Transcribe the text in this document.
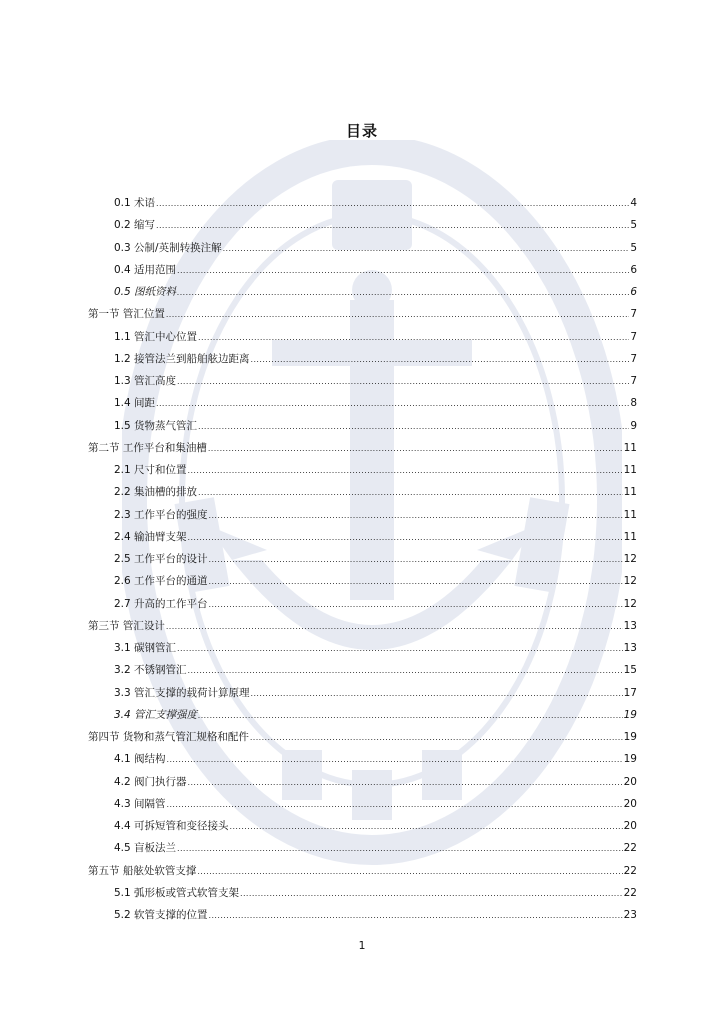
目录
0.1 术语 .....	4
0.2 缩写 .....	5
0.3 公制/英制转换注解 .....	5
0.4 适用范围 .....	6
0.5 图纸资料 .....	6
第一节 管汇位置 .....	7
1.1 管汇中心位置 .....	7
1.2 接管法兰到船舶舷边距离 .....	7
1.3 管汇高度 .....	7
1.4 间距 .....	8
1.5 货物蒸气管汇 .....	9
第二节 工作平台和集油槽 .....	11
2.1 尺寸和位置 .....	11
2.2 集油槽的排放 .....	11
2.3 工作平台的强度 .....	11
2.4 输油臂支架 .....	11
2.5 工作平台的设计 .....	12
2.6 工作平台的通道 .....	12
2.7 升高的工作平台 .....	12
第三节 管汇设计 .....	13
3.1 碳钢管汇 .....	13
3.2 不锈钢管汇 .....	15
3.3 管汇支撑的载荷计算原理 .....	17
3.4 管汇支撑强度 .....	19
第四节 货物和蒸气管汇规格和配件 .....	19
4.1 阀结构 .....	19
4.2 阀门执行器 .....	20
4.3 间隔管 .....	20
4.4 可拆短管和变径接头 .....	20
4.5 盲板法兰 .....	22
第五节 船舷处软管支撑 .....	22
5.1 弧形板或管式软管支架 .....	22
5.2 软管支撑的位置 .....	23
1
